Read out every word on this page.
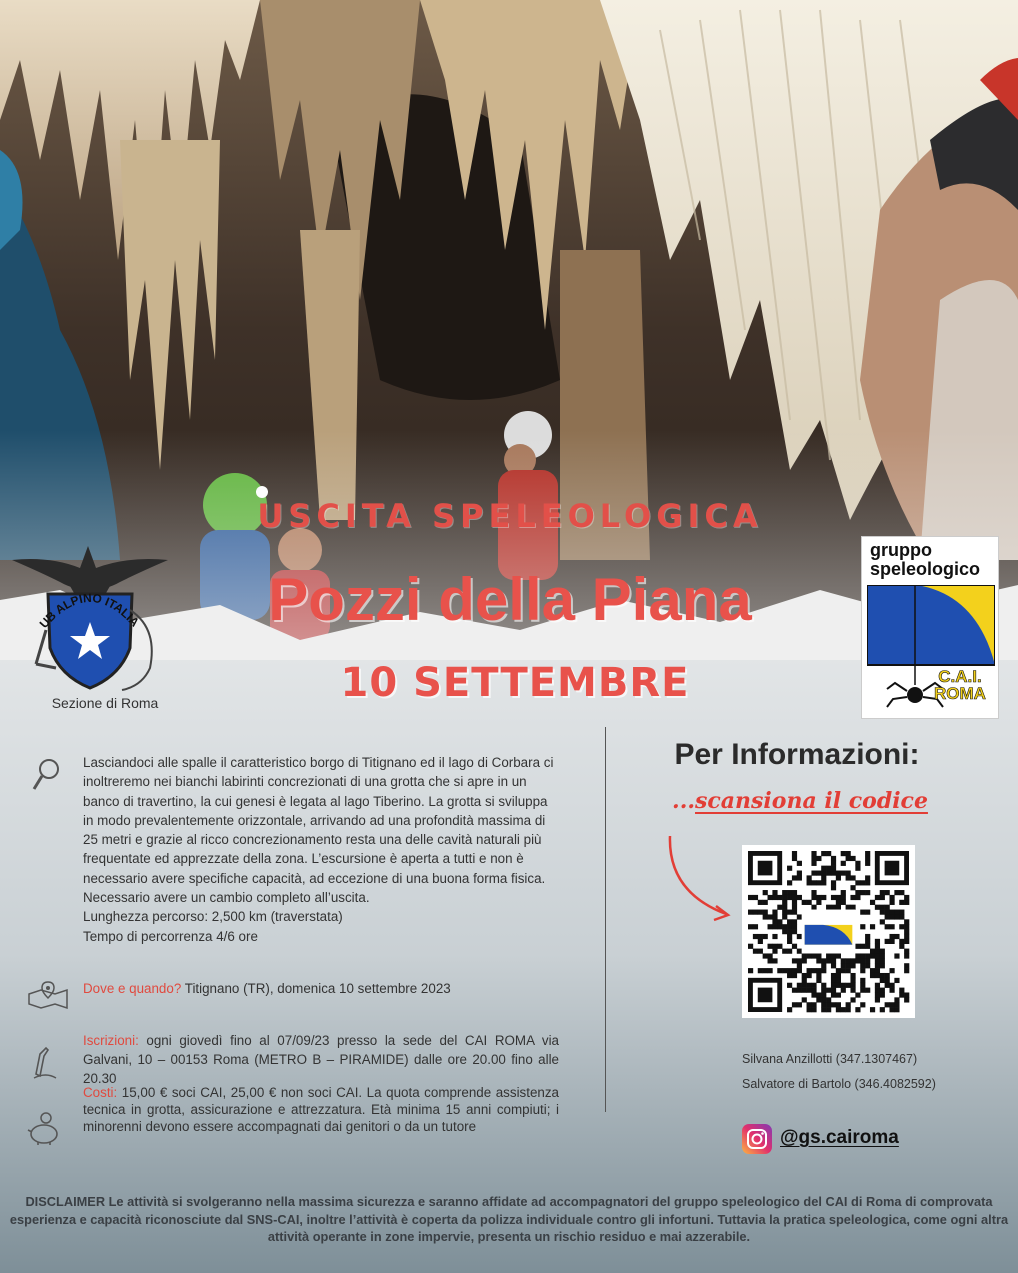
USCITA SPELEOLOGICA
Pozzi della Piana
10 SETTEMBRE
UB ALPINO ITALIA
Sezione di Roma
gruppo speleologico
C.A.I.
ROMA

Lasciandoci alle spalle il caratteristico borgo di Titignano ed il lago di Corbara ci inoltreremo nei bianchi labirinti concrezionati di una grotta che si apre in un banco di travertino, la cui genesi è legata al lago Tiberino. La grotta si sviluppa in modo prevalentemente orizzontale, arrivando ad una profondità massima di 25 metri e grazie al ricco concrezionamento resta una delle cavità naturali più frequentate ed apprezzate della zona. L’escursione è aperta a tutti e non è necessario avere specifiche capacità, ad eccezione di una buona forma fisica. Necessario avere un cambio completo all’uscita.

Lunghezza percorso: 2,500 km (traverstata)

Tempo di percorrenza 4/6 ore

Dove e quando? Titignano (TR), domenica 10 settembre 2023
Iscrizioni: ogni giovedì fino al 07/09/23 presso la sede del CAI ROMA via Galvani, 10 – 00153 Roma (METRO B – PIRAMIDE) dalle ore 20.00 fino alle 20.30
Costi: 15,00 € soci CAI, 25,00 € non soci CAI. La quota comprende assistenza tecnica in grotta, assicurazione e attrezzatura. Età minima 15 anni compiuti; i minorenni devono essere accompagnati dai genitori o da un tutore
Per Informazioni:
...scansiona il codice
Silvana Anzillotti (347.1307467)
Salvatore di Bartolo (346.4082592)
@gs.cairoma
DISCLAIMER Le attività si svolgeranno nella massima sicurezza e saranno affidate ad accompagnatori del gruppo speleologico del CAI di Roma di comprovata esperienza e capacità riconosciute dal SNS-CAI, inoltre l’attività è coperta da polizza individuale contro gli infortuni. Tuttavia la pratica speleologica, come ogni altra attività operante in zone impervie, presenta un rischio residuo e mai azzerabile.
